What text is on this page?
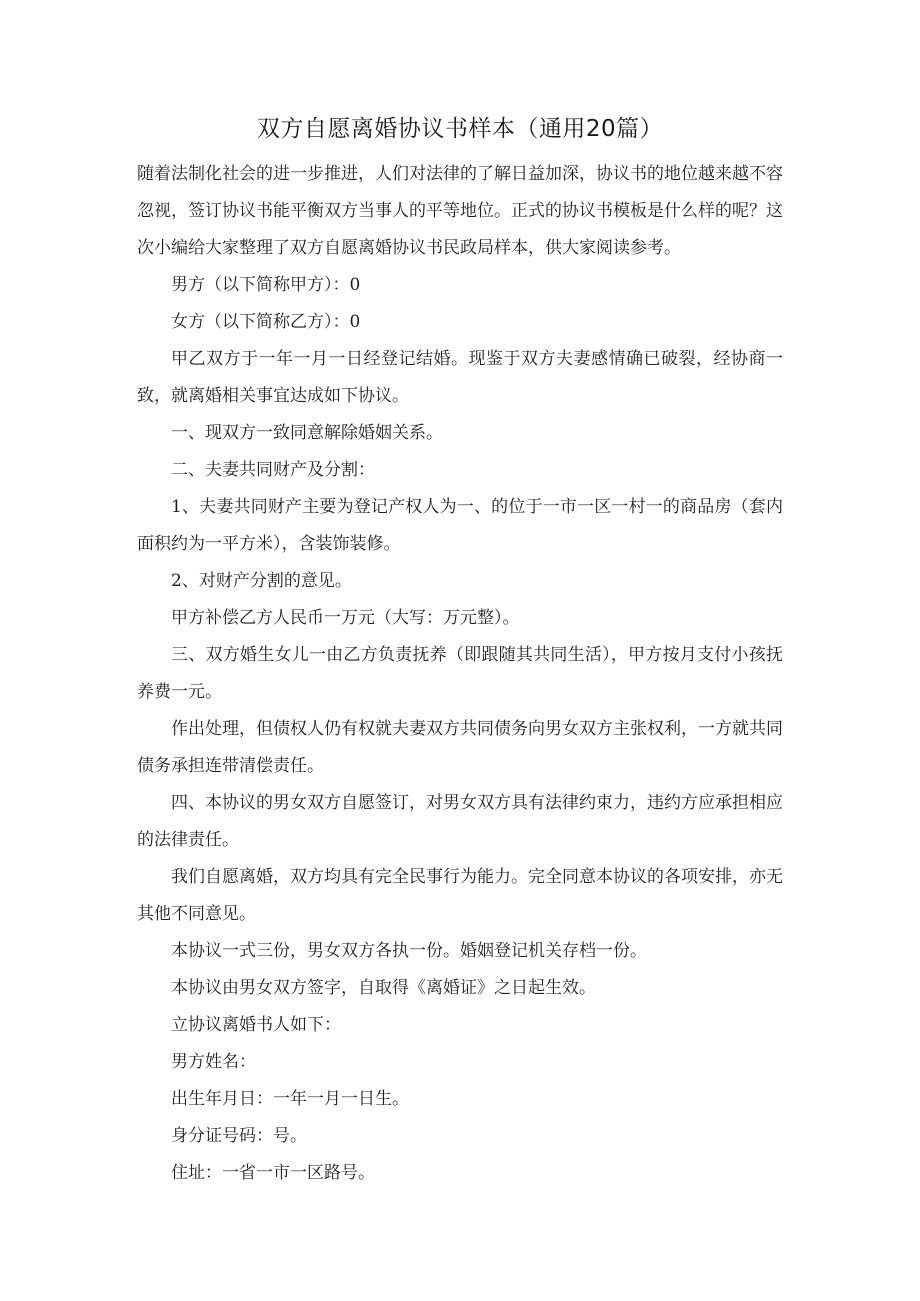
双方自愿离婚协议书样本（通用20篇）

随着法制化社会的进一步推进，人们对法律的了解日益加深，协议书的地位越来越不容忽视，签订协议书能平衡双方当事人的平等地位。正式的协议书模板是什么样的呢？这次小编给大家整理了双方自愿离婚协议书民政局样本，供大家阅读参考。

男方（以下简称甲方）：0

女方（以下简称乙方）：0

甲乙双方于一年一月一日经登记结婚。现鉴于双方夫妻感情确已破裂，经协商一致，就离婚相关事宜达成如下协议。

一、现双方一致同意解除婚姻关系。

二、夫妻共同财产及分割：

1、夫妻共同财产主要为登记产权人为一、的位于一市一区一村一的商品房（套内面积约为一平方米），含装饰装修。

2、对财产分割的意见。

甲方补偿乙方人民币一万元（大写：万元整）。

三、双方婚生女儿一由乙方负责抚养（即跟随其共同生活），甲方按月支付小孩抚养费一元。

作出处理，但债权人仍有权就夫妻双方共同债务向男女双方主张权利，一方就共同债务承担连带清偿责任。

四、本协议的男女双方自愿签订，对男女双方具有法律约束力，违约方应承担相应的法律责任。

我们自愿离婚，双方均具有完全民事行为能力。完全同意本协议的各项安排，亦无其他不同意见。

本协议一式三份，男女双方各执一份。婚姻登记机关存档一份。

本协议由男女双方签字，自取得《离婚证》之日起生效。

立协议离婚书人如下：

男方姓名：

出生年月日：一年一月一日生。

身分证号码：号。

住址：一省一市一区路号。
